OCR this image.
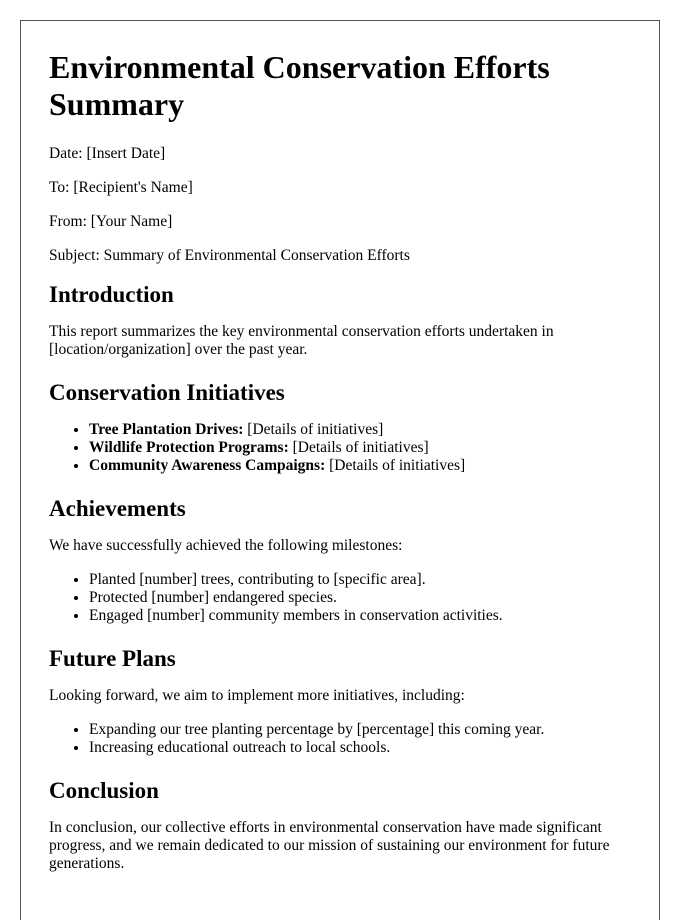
Environmental Conservation Efforts Summary

Date: [Insert Date]

To: [Recipient's Name]

From: [Your Name]

Subject: Summary of Environmental Conservation Efforts

Introduction

This report summarizes the key environmental conservation efforts undertaken in [location/organization] over the past year.

Conservation Initiatives
• Tree Plantation Drives: [Details of initiatives]
• Wildlife Protection Programs: [Details of initiatives]
• Community Awareness Campaigns: [Details of initiatives]
Achievements

We have successfully achieved the following milestones:

• Planted [number] trees, contributing to [specific area].
• Protected [number] endangered species.
• Engaged [number] community members in conservation activities.
Future Plans

Looking forward, we aim to implement more initiatives, including:

• Expanding our tree planting percentage by [percentage] this coming year.
• Increasing educational outreach to local schools.
Conclusion

In conclusion, our collective efforts in environmental conservation have made significant progress, and we remain dedicated to our mission of sustaining our environment for future generations.
